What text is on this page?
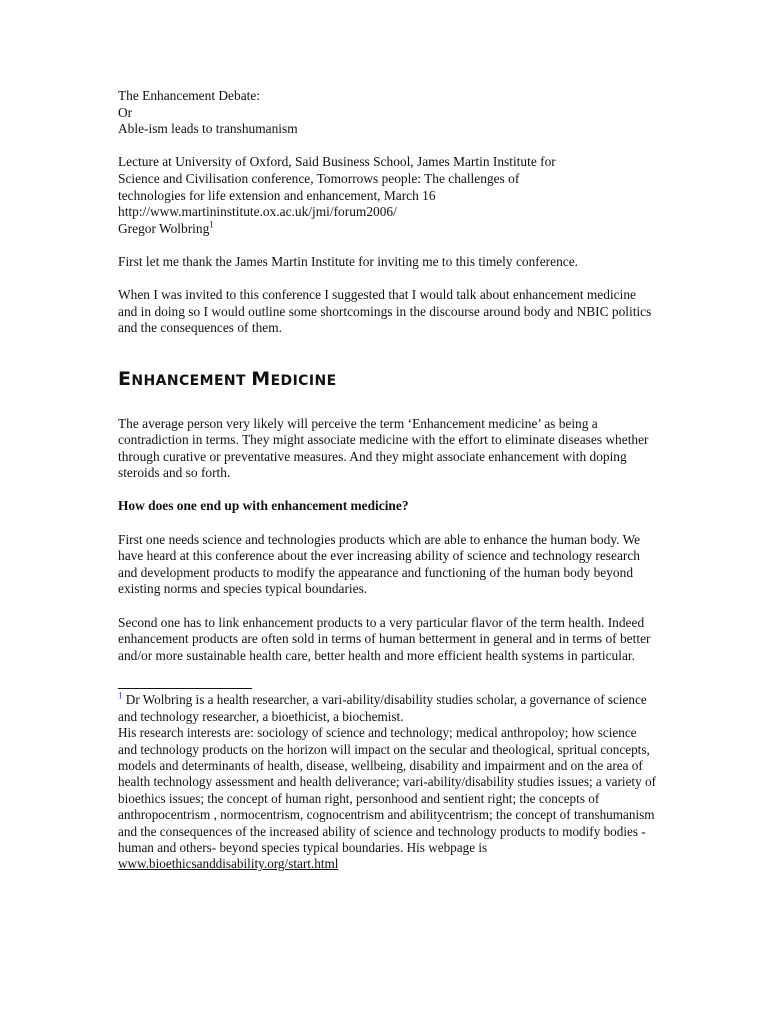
The Enhancement Debate:

Or

Able-ism leads to transhumanism

Lecture at University of Oxford, Said Business School, James Martin Institute for

Science and Civilisation conference, Tomorrows people: The challenges of

technologies for life extension and enhancement, March 16

http://www.martininstitute.ox.ac.uk/jmi/forum2006/

Gregor Wolbring$^1$

First let me thank the James Martin Institute for inviting me to this timely conference.

When I was invited to this conference I suggested that I would talk about enhancement medicine and in doing so I would outline some shortcomings in the discourse around body and NBIC politics and the consequences of them.

ENHANCEMENT MEDICINE

The average person very likely will perceive the term ‘Enhancement medicine’ as being a contradiction in terms. They might associate medicine with the effort to eliminate diseases whether through curative or preventative measures. And they might associate enhancement with doping steroids and so forth.

How does one end up with enhancement medicine?

First one needs science and technologies products which are able to enhance the human body. We have heard at this conference about the ever increasing ability of science and technology research and development products to modify the appearance and functioning of the human body beyond existing norms and species typical boundaries.

Second one has to link enhancement products to a very particular flavor of the term health. Indeed enhancement products are often sold in terms of human betterment in general and in terms of better and/or more sustainable health care, better health and more efficient health systems in particular.

$^1$ Dr Wolbring is a health researcher, a vari-ability/disability studies scholar, a governance of science and technology researcher, a bioethicist, a biochemist.

His research interests are: sociology of science and technology; medical anthropoloy; how science and technology products on the horizon will impact on the secular and theological, spritual concepts, models and determinants of health, disease, wellbeing, disability and impairment and on the area of health technology assessment and health deliverance; vari-ability/disability studies issues; a variety of bioethics issues; the concept of human right, personhood and sentient right; the concepts of anthropocentrism , normocentrism, cognocentrism and abilitycentrism; the concept of transhumanism and the consequences of the increased ability of science and technology products to modify bodies -human and others- beyond species typical boundaries. His webpage is www.bioethicsanddisability.org/start.html
